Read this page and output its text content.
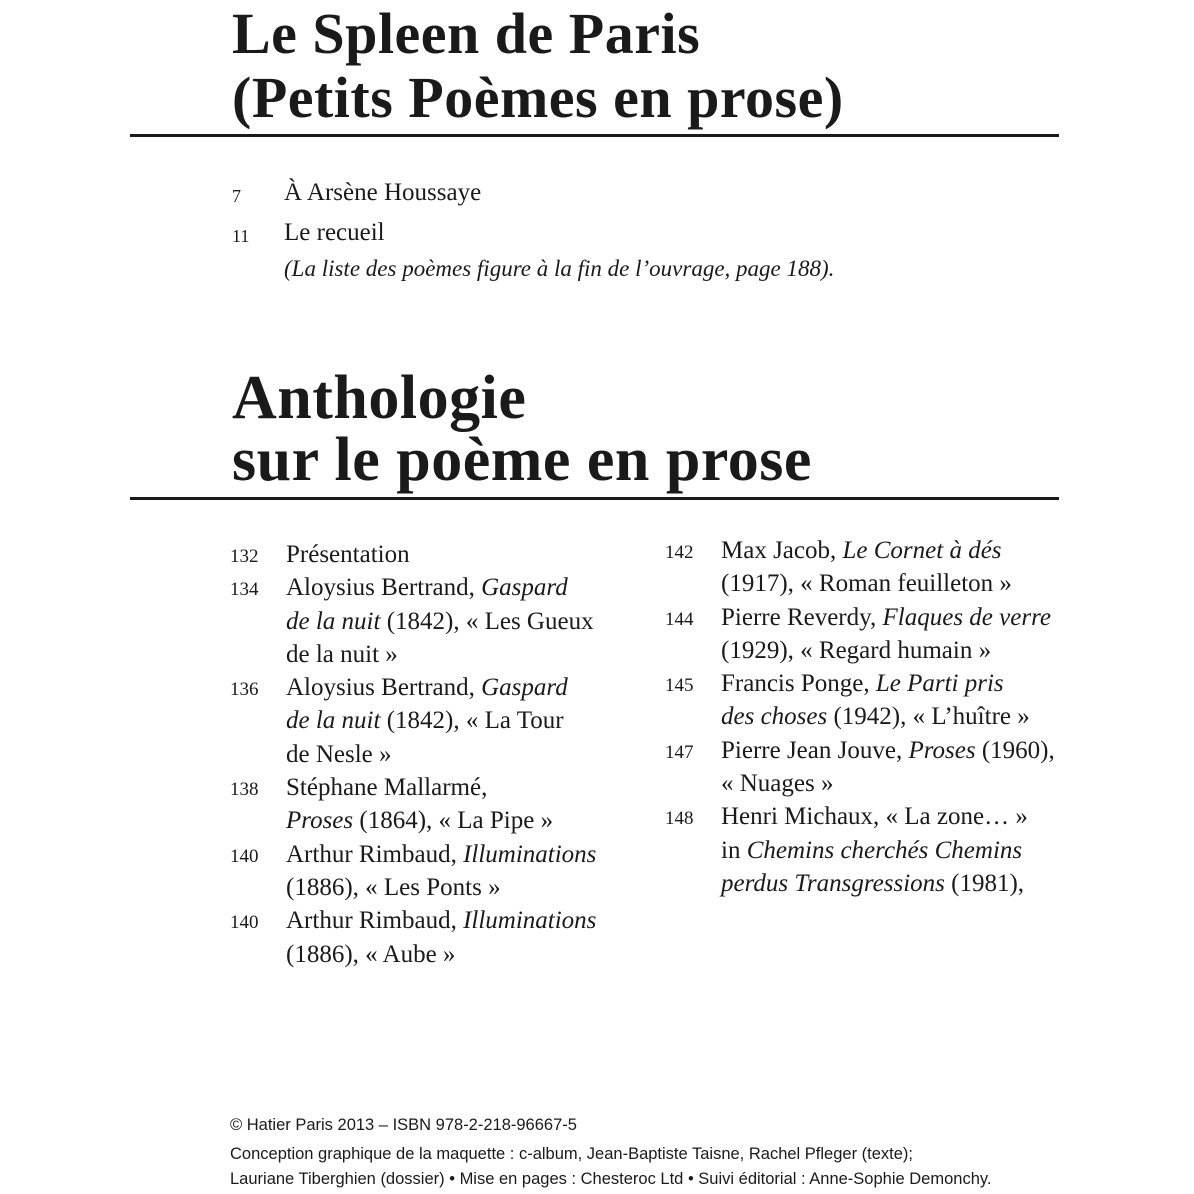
Le Spleen de Paris
(Petits Poèmes en prose)
7 À Arsène Houssaye
11 Le recueil
(La liste des poèmes figure à la fin de l’ouvrage, page 188).
Anthologie
sur le poème en prose
132 Présentation
134 Aloysius Bertrand, Gaspard
de la nuit (1842), « Les Gueux
de la nuit »
136 Aloysius Bertrand, Gaspard
de la nuit (1842), « La Tour
de Nesle »
138 Stéphane Mallarmé,
Proses (1864), « La Pipe »
140 Arthur Rimbaud, Illuminations
(1886), « Les Ponts »
140 Arthur Rimbaud, Illuminations
(1886), « Aube »
142 Max Jacob, Le Cornet à dés
(1917), « Roman feuilleton »
144 Pierre Reverdy, Flaques de verre
(1929), « Regard humain »
145 Francis Ponge, Le Parti pris
des choses (1942), « L’huître »
147 Pierre Jean Jouve, Proses (1960),
« Nuages »
148 Henri Michaux, « La zone… »
in Chemins cherchés Chemins
perdus Transgressions (1981),
© Hatier Paris 2013 – ISBN 978-2-218-96667-5
Conception graphique de la maquette : c-album, Jean-Baptiste Taisne, Rachel Pfleger (texte);
Lauriane Tiberghien (dossier) • Mise en pages : Chesteroc Ltd • Suivi éditorial : Anne-Sophie Demonchy.
